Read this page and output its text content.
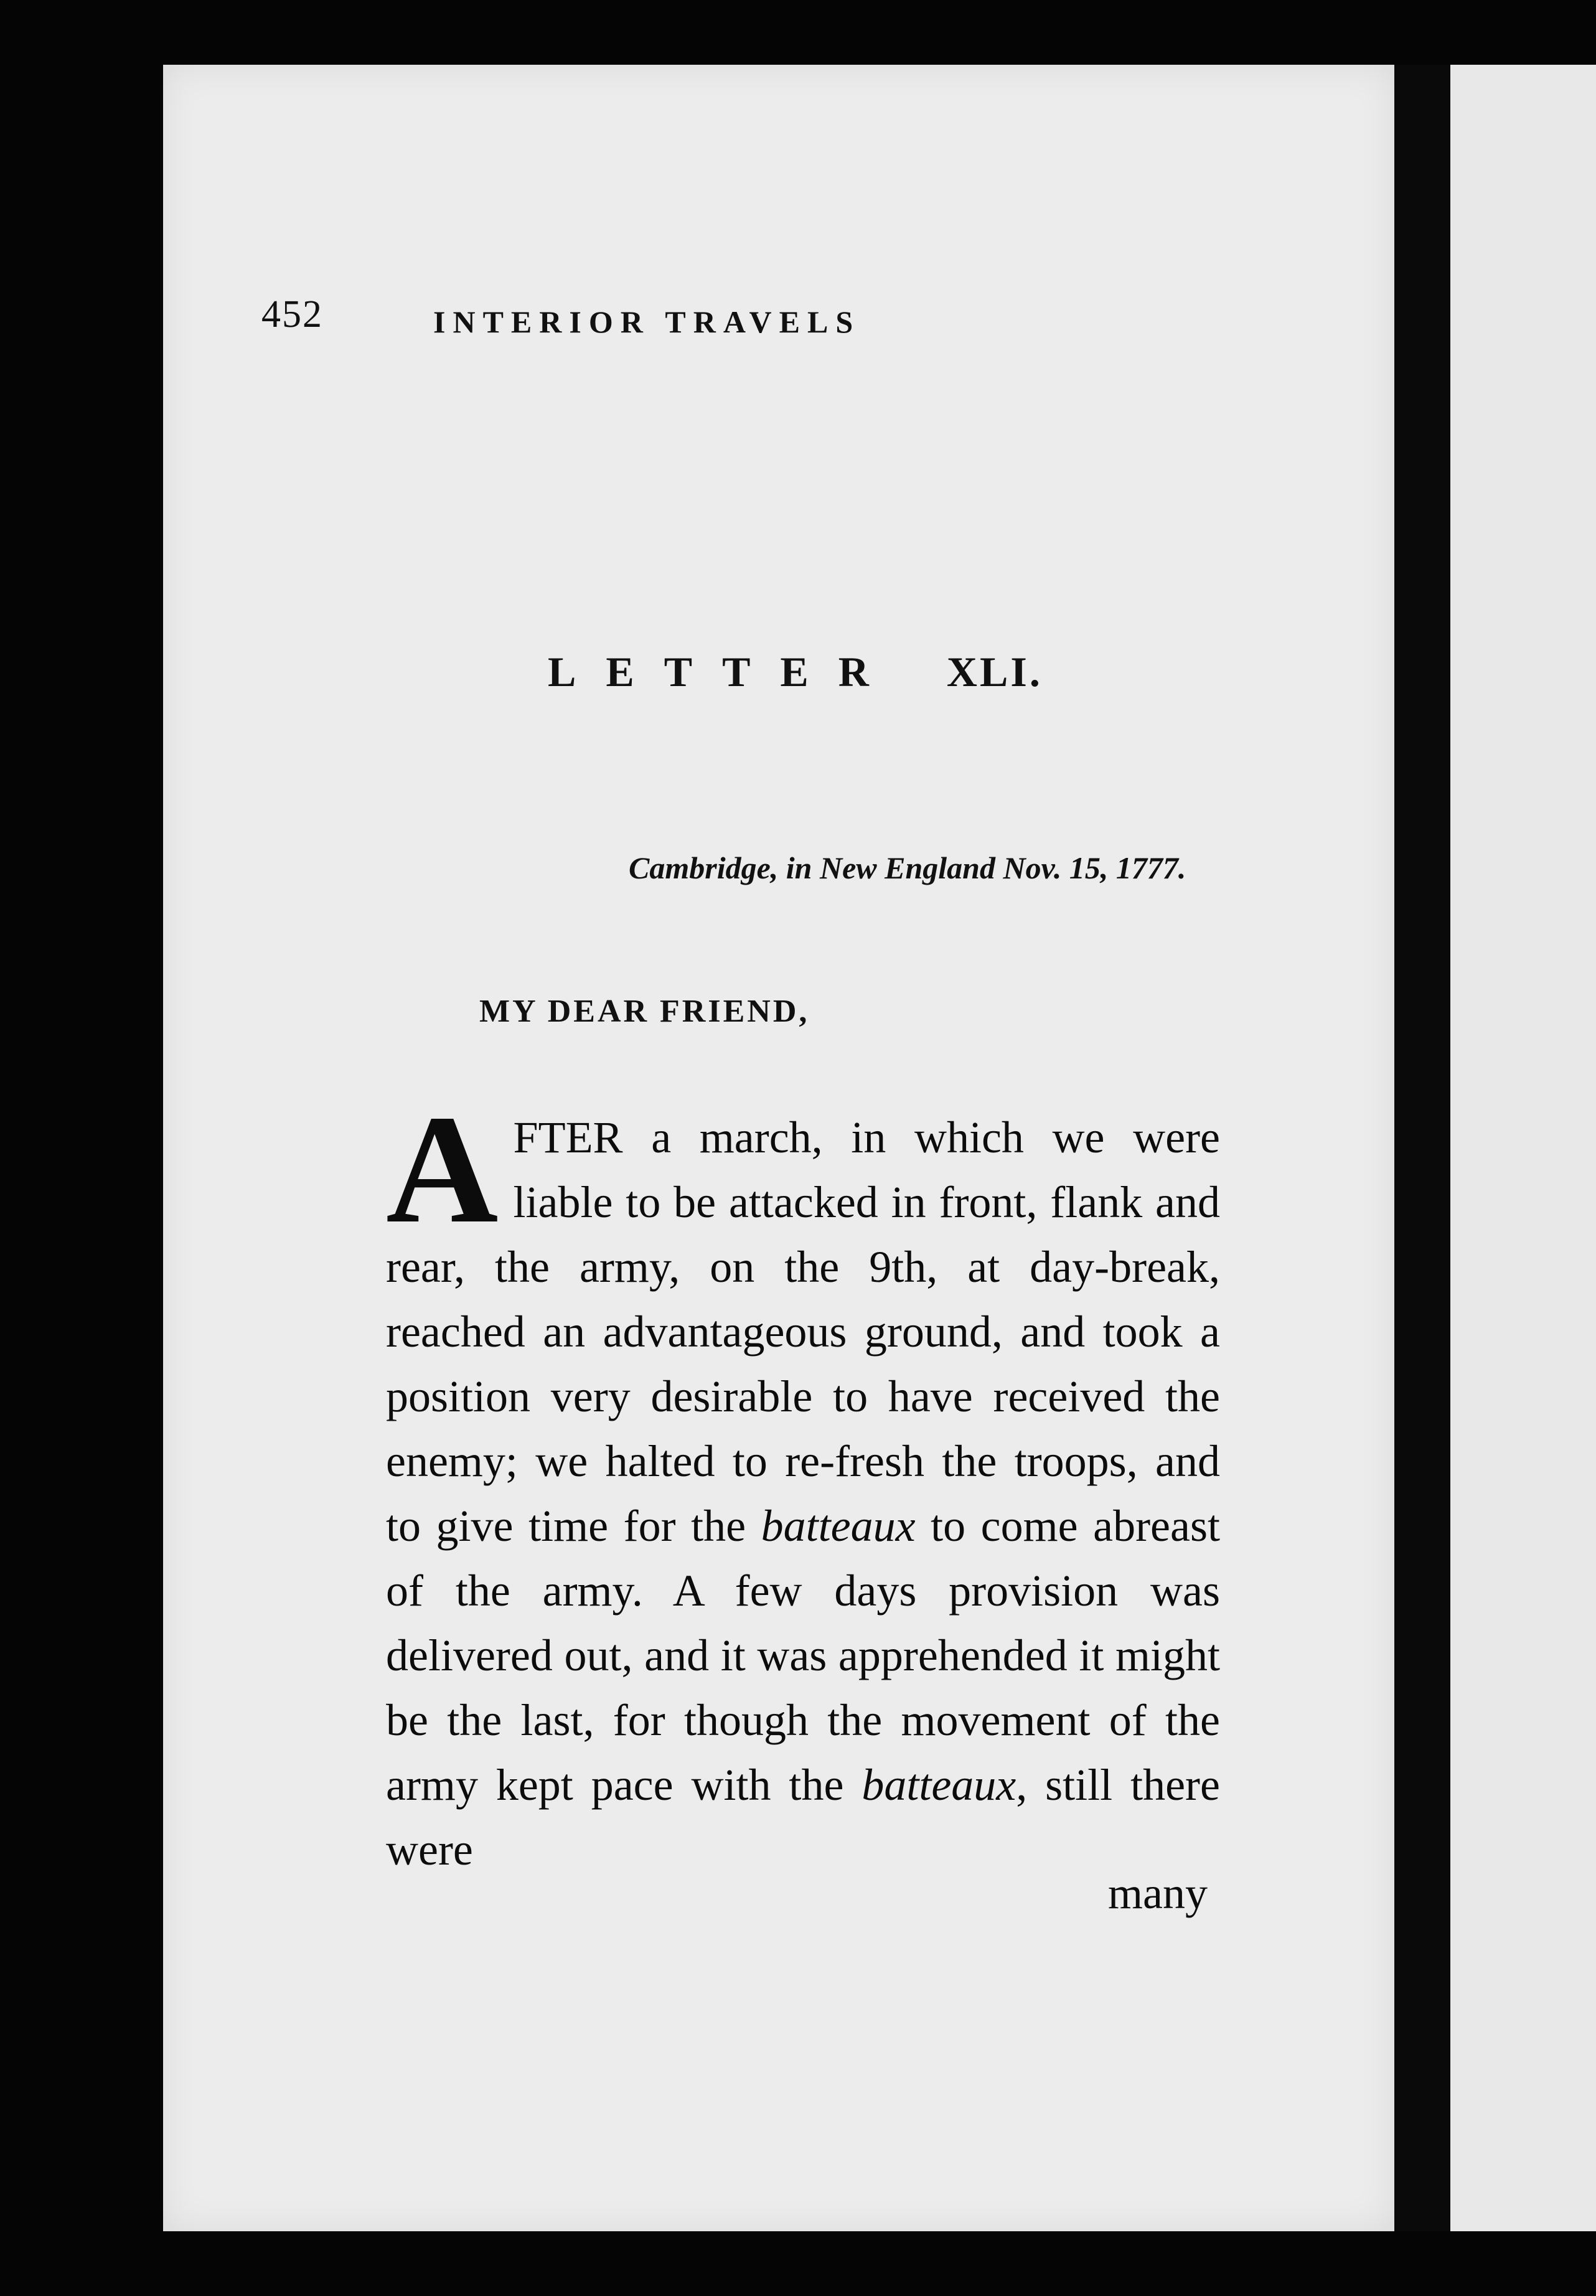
452	INTERIOR TRAVELS
LETTER XLI.
Cambridge, in New England Nov. 15, 1777.
MY DEAR FRIEND,
AFTER a march, in which we were liable to be attacked in front, flank and rear, the army, on the 9th, at day-break, reached an advantageous ground, and took a position very desirable to have received the enemy; we halted to re-fresh the troops, and to give time for the batteaux to come abreast of the army. A few days provision was delivered out, and it was apprehended it might be the last, for though the movement of the army kept pace with the batteaux, still there were
many
